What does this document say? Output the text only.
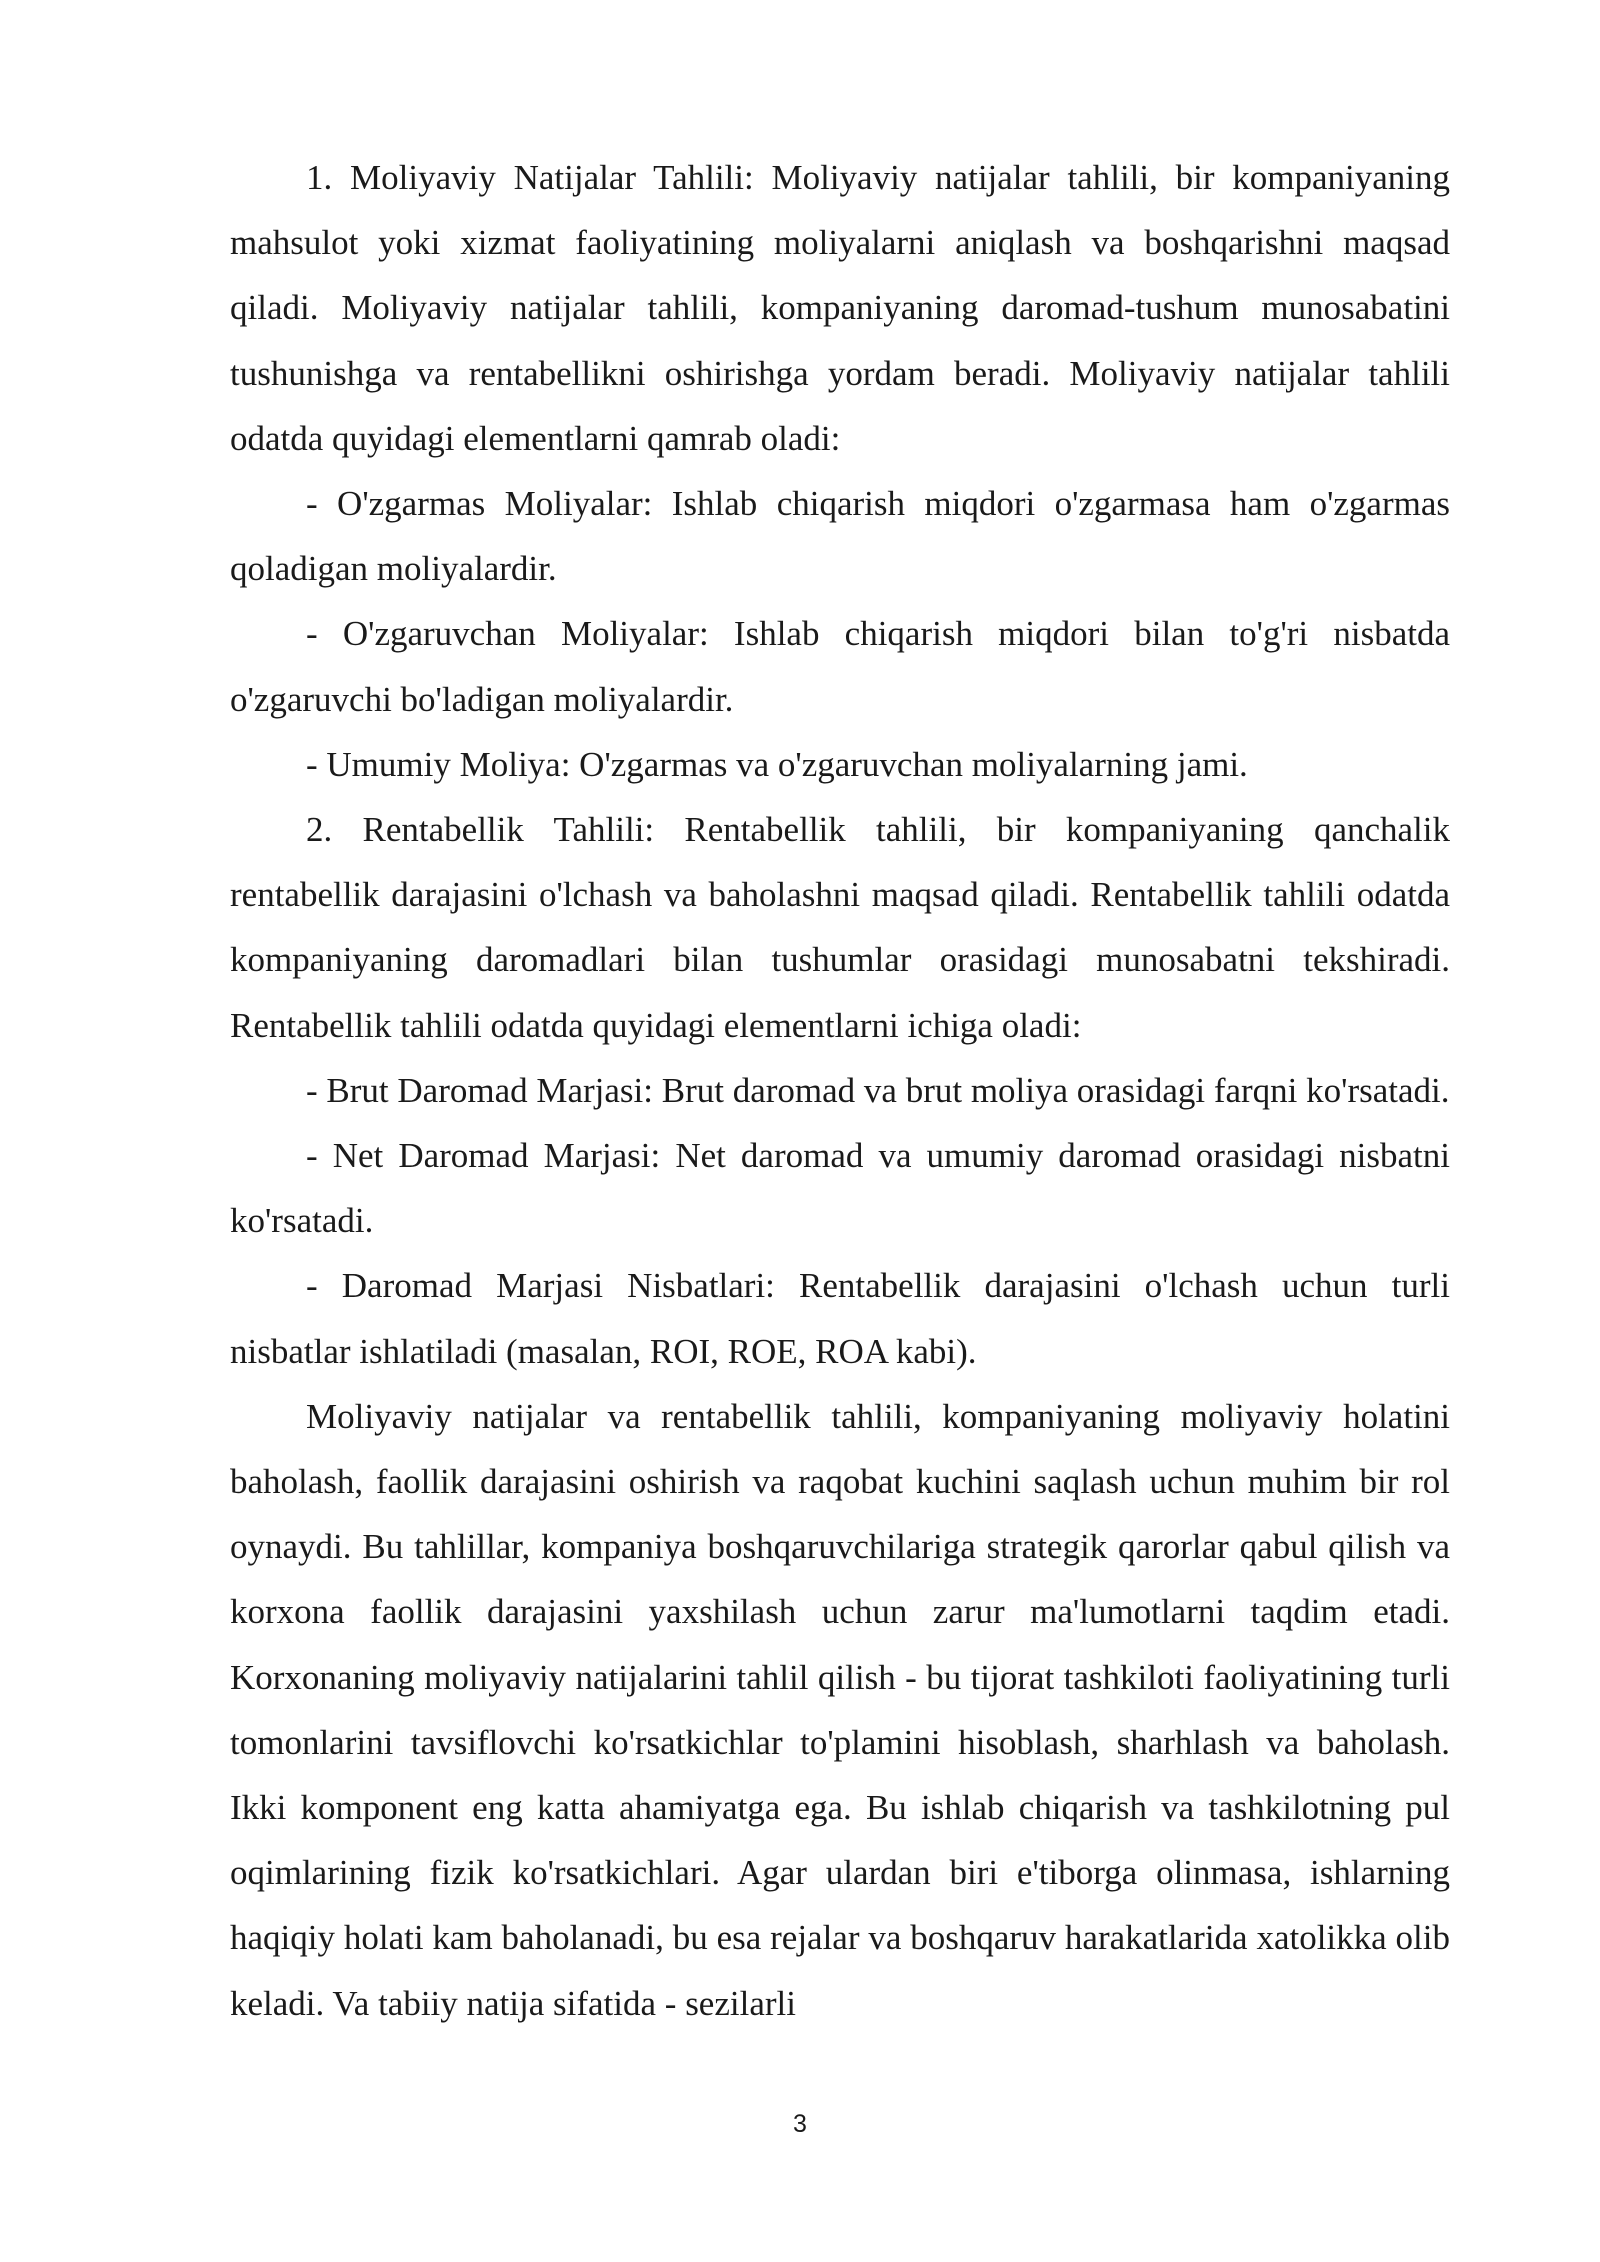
1. Moliyaviy Natijalar Tahlili: Moliyaviy natijalar tahlili, bir kompaniyaning mahsulot yoki xizmat faoliyatining moliyalarni aniqlash va boshqarishni maqsad qiladi. Moliyaviy natijalar tahlili, kompaniyaning daromad-tushum munosabatini tushunishga va rentabellikni oshirishga yordam beradi. Moliyaviy natijalar tahlili odatda quyidagi elementlarni qamrab oladi:

- O'zgarmas Moliyalar: Ishlab chiqarish miqdori o'zgarmasa ham o'zgarmas qoladigan moliyalardir.

- O'zgaruvchan Moliyalar: Ishlab chiqarish miqdori bilan to'g'ri nisbatda o'zgaruvchi bo'ladigan moliyalardir.

- Umumiy Moliya: O'zgarmas va o'zgaruvchan moliyalarning jami.

2. Rentabellik Tahlili: Rentabellik tahlili, bir kompaniyaning qanchalik rentabellik darajasini o'lchash va baholashni maqsad qiladi. Rentabellik tahlili odatda kompaniyaning daromadlari bilan tushumlar orasidagi munosabatni tekshiradi. Rentabellik tahlili odatda quyidagi elementlarni ichiga oladi:

- Brut Daromad Marjasi: Brut daromad va brut moliya orasidagi farqni ko'rsatadi.

- Net Daromad Marjasi: Net daromad va umumiy daromad orasidagi nisbatni ko'rsatadi.

- Daromad Marjasi Nisbatlari: Rentabellik darajasini o'lchash uchun turli nisbatlar ishlatiladi (masalan, ROI, ROE, ROA kabi).

Moliyaviy natijalar va rentabellik tahlili, kompaniyaning moliyaviy holatini baholash, faollik darajasini oshirish va raqobat kuchini saqlash uchun muhim bir rol oynaydi. Bu tahlillar, kompaniya boshqaruvchilariga strategik qarorlar qabul qilish va korxona faollik darajasini yaxshilash uchun zarur ma'lumotlarni taqdim etadi. Korxonaning moliyaviy natijalarini tahlil qilish - bu tijorat tashkiloti faoliyatining turli tomonlarini tavsiflovchi ko'rsatkichlar to'plamini hisoblash, sharhlash va baholash. Ikki komponent eng katta ahamiyatga ega. Bu ishlab chiqarish va tashkilotning pul oqimlarining fizik ko'rsatkichlari. Agar ulardan biri e'tiborga olinmasa, ishlarning haqiqiy holati kam baholanadi, bu esa rejalar va boshqaruv harakatlarida xatolikka olib keladi. Va tabiiy natija sifatida - sezilarli

3
